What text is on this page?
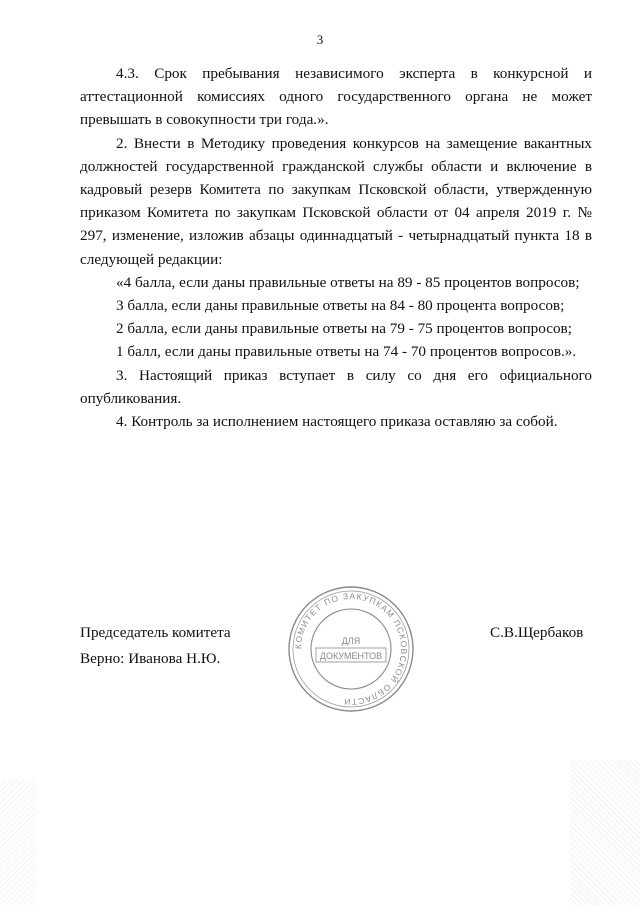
3

4.3. Срок пребывания независимого эксперта в конкурсной и аттестационной комиссиях одного государственного органа не может превышать в совокупности три года.».

2. Внести в Методику проведения конкурсов на замещение вакантных должностей государственной гражданской службы области и включение в кадровый резерв Комитета по закупкам Псковской области, утвержденную приказом Комитета по закупкам Псковской области от 04 апреля 2019 г. № 297, изменение, изложив абзацы одиннадцатый - четырнадцатый пункта 18 в следующей редакции:

«4 балла, если даны правильные ответы на 89 - 85 процентов вопросов;

3 балла, если даны правильные ответы на 84 - 80 процента вопросов;

2 балла, если даны правильные ответы на 79 - 75 процентов вопросов;

1 балл, если даны правильные ответы на 74 - 70 процентов вопросов.».

3. Настоящий приказ вступает в силу со дня его официального опубликования.

4. Контроль за исполнением настоящего приказа оставляю за собой.

Председатель комитета
Верно: Иванова Н.Ю.
С.В.Щербаков
КОМИТЕТ ПО ЗАКУПКАМ ПСКОВСКОЙ ОБЛАСТИ
ДЛЯ
ДОКУМЕНТОВ
